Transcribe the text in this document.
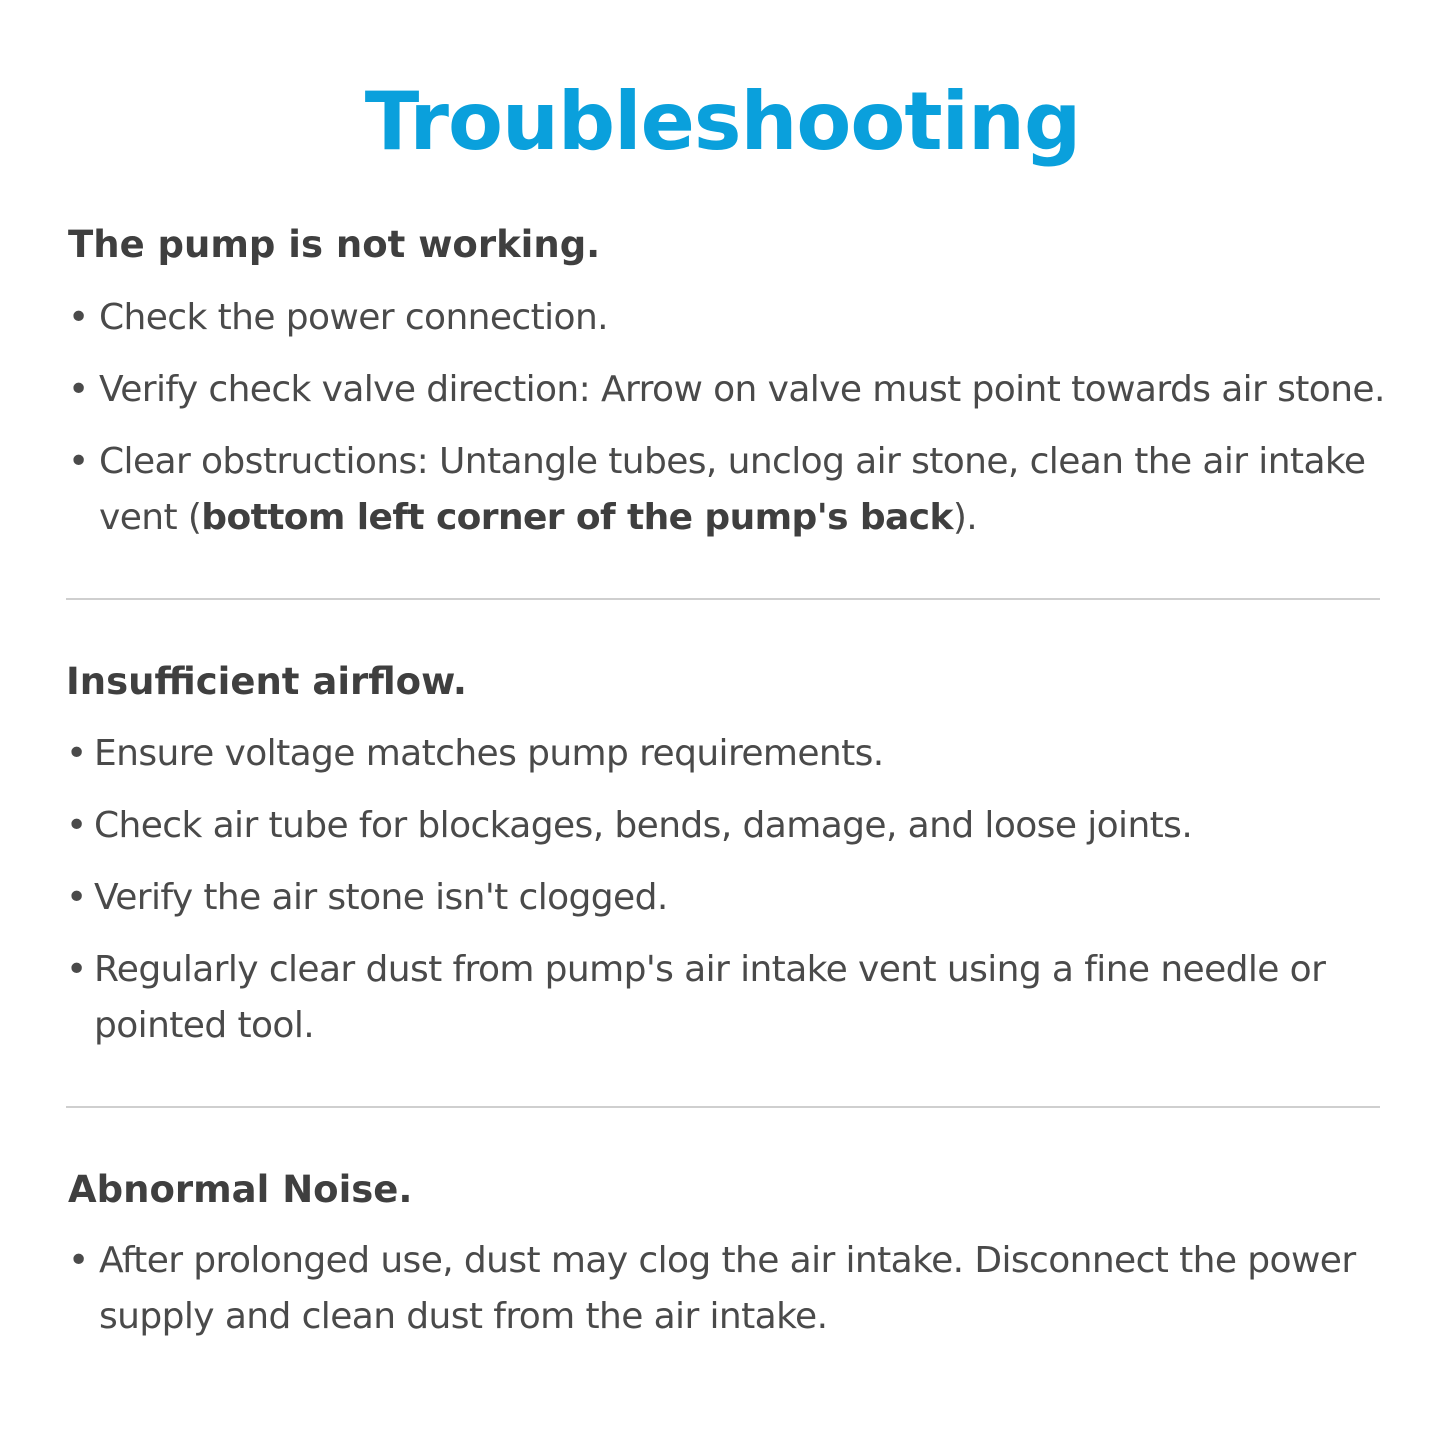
Troubleshooting
The pump is not working.
• Check the power connection.
• Verify check valve direction: Arrow on valve must point towards air stone.
• Clear obstructions: Untangle tubes, unclog air stone, clean the air intake vent (bottom left corner of the pump's back).
Insufficient airflow.
• Ensure voltage matches pump requirements.
• Check air tube for blockages, bends, damage, and loose joints.
• Verify the air stone isn't clogged.
• Regularly clear dust from pump's air intake vent using a fine needle or pointed tool.
Abnormal Noise.
• After prolonged use, dust may clog the air intake. Disconnect the power supply and clean dust from the air intake.
